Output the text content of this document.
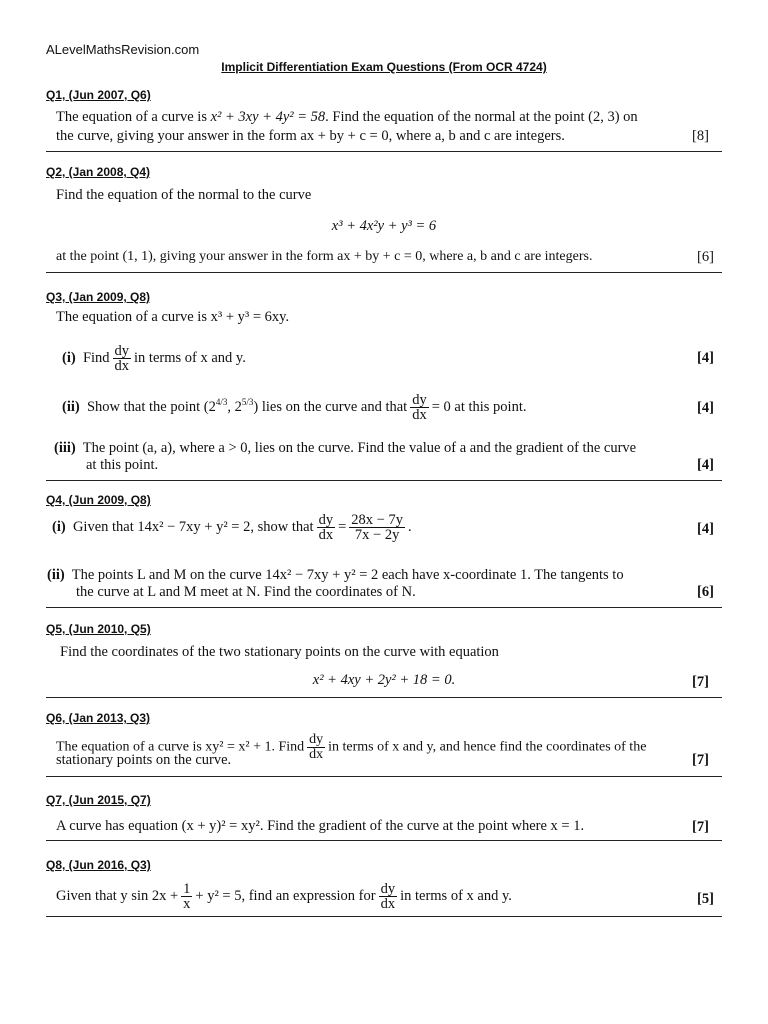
ALevelMathsRevision.com
Implicit Differentiation Exam Questions (From OCR 4724)
Q1, (Jun 2007, Q6)
The equation of a curve is x² + 3xy + 4y² = 58. Find the equation of the normal at the point (2, 3) on
the curve, giving your answer in the form ax + by + c = 0, where a, b and c are integers.	[8]
Q2, (Jan 2008, Q4)
Find the equation of the normal to the curve
x³ + 4x²y + y³ = 6
at the point (1, 1), giving your answer in the form ax + by + c = 0, where a, b and c are integers.	[6]
Q3, (Jan 2009, Q8)
The equation of a curve is x³ + y³ = 6xy.
(i) Find $\frac{dy}{dx}$ in terms of x and y.	[4]
(ii) Show that the point ($2^{4/3}$, $2^{5/3}$) lies on the curve and that $\frac{dy}{dx} = 0$ at this point.	[4]
(iii) The point (a, a), where a > 0, lies on the curve. Find the value of a and the gradient of the curve
at this point.	[4]
Q4, (Jun 2009, Q8)
(i) Given that 14x² − 7xy + y² = 2, show that $\frac{dy}{dx} = \frac{28x - 7y}{7x - 2y}$ .	[4]
(ii) The points L and M on the curve 14x² − 7xy + y² = 2 each have x-coordinate 1. The tangents to
the curve at L and M meet at N. Find the coordinates of N.	[6]
Q5, (Jun 2010, Q5)
Find the coordinates of the two stationary points on the curve with equation
x² + 4xy + 2y² + 18 = 0.	[7]
Q6, (Jan 2013, Q3)
The equation of a curve is xy² = x² + 1. Find $\frac{dy}{dx}$ in terms of x and y, and hence find the coordinates of the
stationary points on the curve.	[7]
Q7, (Jun 2015, Q7)
A curve has equation (x + y)² = xy². Find the gradient of the curve at the point where x = 1.	[7]
Q8, (Jun 2016, Q3)
Given that y $\sin 2x + \frac{1}{x} + y^2 = 5$, find an expression for $\frac{dy}{dx}$ in terms of x and y.	[5]
